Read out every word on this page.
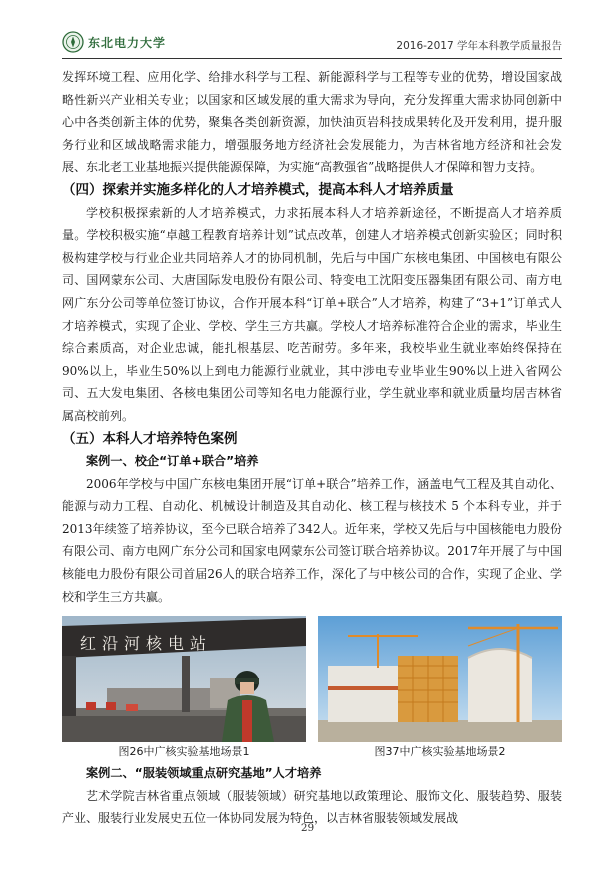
东北电力大学	2016-2017 学年本科教学质量报告

发挥环境工程、应用化学、给排水科学与工程、新能源科学与工程等专业的优势，增设国家战略性新兴产业相关专业；以国家和区域发展的重大需求为导向，充分发挥重大需求协同创新中心中各类创新主体的优势，聚集各类创新资源，加快油页岩科技成果转化及开发利用，提升服务行业和区域战略需求能力，增强服务地方经济社会发展能力，为吉林省地方经济和社会发展、东北老工业基地振兴提供能源保障，为实施“高教强省”战略提供人才保障和智力支持。

（四）探索并实施多样化的人才培养模式，提高本科人才培养质量

学校积极探索新的人才培养模式，力求拓展本科人才培养新途径，不断提高人才培养质量。学校积极实施“卓越工程教育培养计划”试点改革，创建人才培养模式创新实验区；同时积极构建学校与行业企业共同培养人才的协同机制，先后与中国广东核电集团、中国核电有限公司、国网蒙东公司、大唐国际发电股份有限公司、特变电工沈阳变压器集团有限公司、南方电网广东分公司等单位签订协议，合作开展本科“订单+联合”人才培养，构建了“3+1”订单式人才培养模式，实现了企业、学校、学生三方共赢。学校人才培养标准符合企业的需求，毕业生综合素质高，对企业忠诚，能扎根基层、吃苦耐劳。多年来，我校毕业生就业率始终保持在90%以上，毕业生50%以上到电力能源行业就业，其中涉电专业毕业生90%以上进入省网公司、五大发电集团、各核电集团公司等知名电力能源行业，学生就业率和就业质量均居吉林省属高校前列。

（五）本科人才培养特色案例
案例一、校企“订单+联合”培养

2006年学校与中国广东核电集团开展“订单+联合”培养工作，涵盖电气工程及其自动化、能源与动力工程、自动化、机械设计制造及其自动化、核工程与核技术 5 个本科专业，并于2013年续签了培养协议，至今已联合培养了342人。近年来，学校又先后与中国核能电力股份有限公司、南方电网广东分公司和国家电网蒙东公司签订联合培养协议。2017年开展了与中国核能电力股份有限公司首届26人的联合培养工作，深化了与中核公司的合作，实现了企业、学校和学生三方共赢。

红沿河核电站
图26中广核实验基地场景1	图37中广核实验基地场景2
案例二、“服装领域重点研究基地”人才培养

艺术学院吉林省重点领域（服装领域）研究基地以政策理论、服饰文化、服装趋势、服装产业、服装行业发展史五位一体协同发展为特色，以吉林省服装领域发展战

29
